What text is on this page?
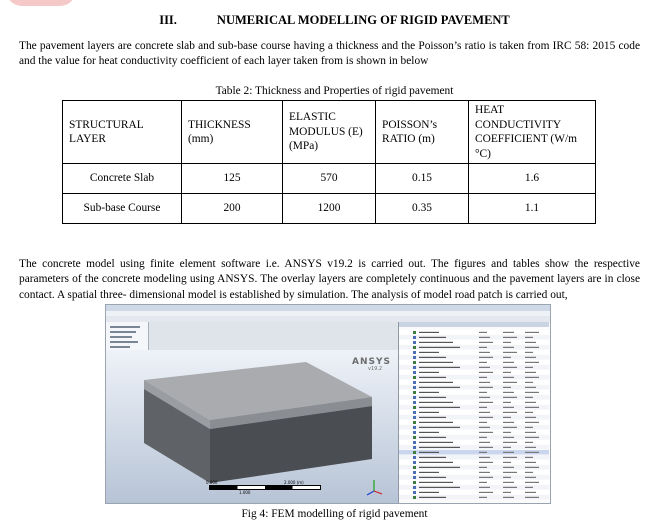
III.	NUMERICAL MODELLING OF RIGID PAVEMENT

The pavement layers are concrete slab and sub-base course having a thickness and the Poisson’s ratio is taken from IRC 58: 2015 code and the value for heat conductivity coefficient of each layer taken from is shown in below

Table 2: Thickness and Properties of rigid pavement
STRUCTURAL LAYER	THICKNESS (mm)	ELASTIC MODULUS (E) (MPa)	POISSON’s RATIO (m)	HEAT CONDUCTIVITY COEFFICIENT (W/m °C)
Concrete Slab	125	570	0.15	1.6
Sub-base Course	200	1200	0.35	1.1

The concrete model using finite element software i.e. ANSYS v19.2 is carried out. The figures and tables show the respective parameters of the concrete modeling using ANSYS. The overlay layers are completely continuous and the pavement layers are in close contact. A spatial three- dimensional model is established by simulation. The analysis of model road patch is carried out,

ANSYS
v19.2
0.000	2.000 (m)
1.000
Fig 4: FEM modelling of rigid pavement
